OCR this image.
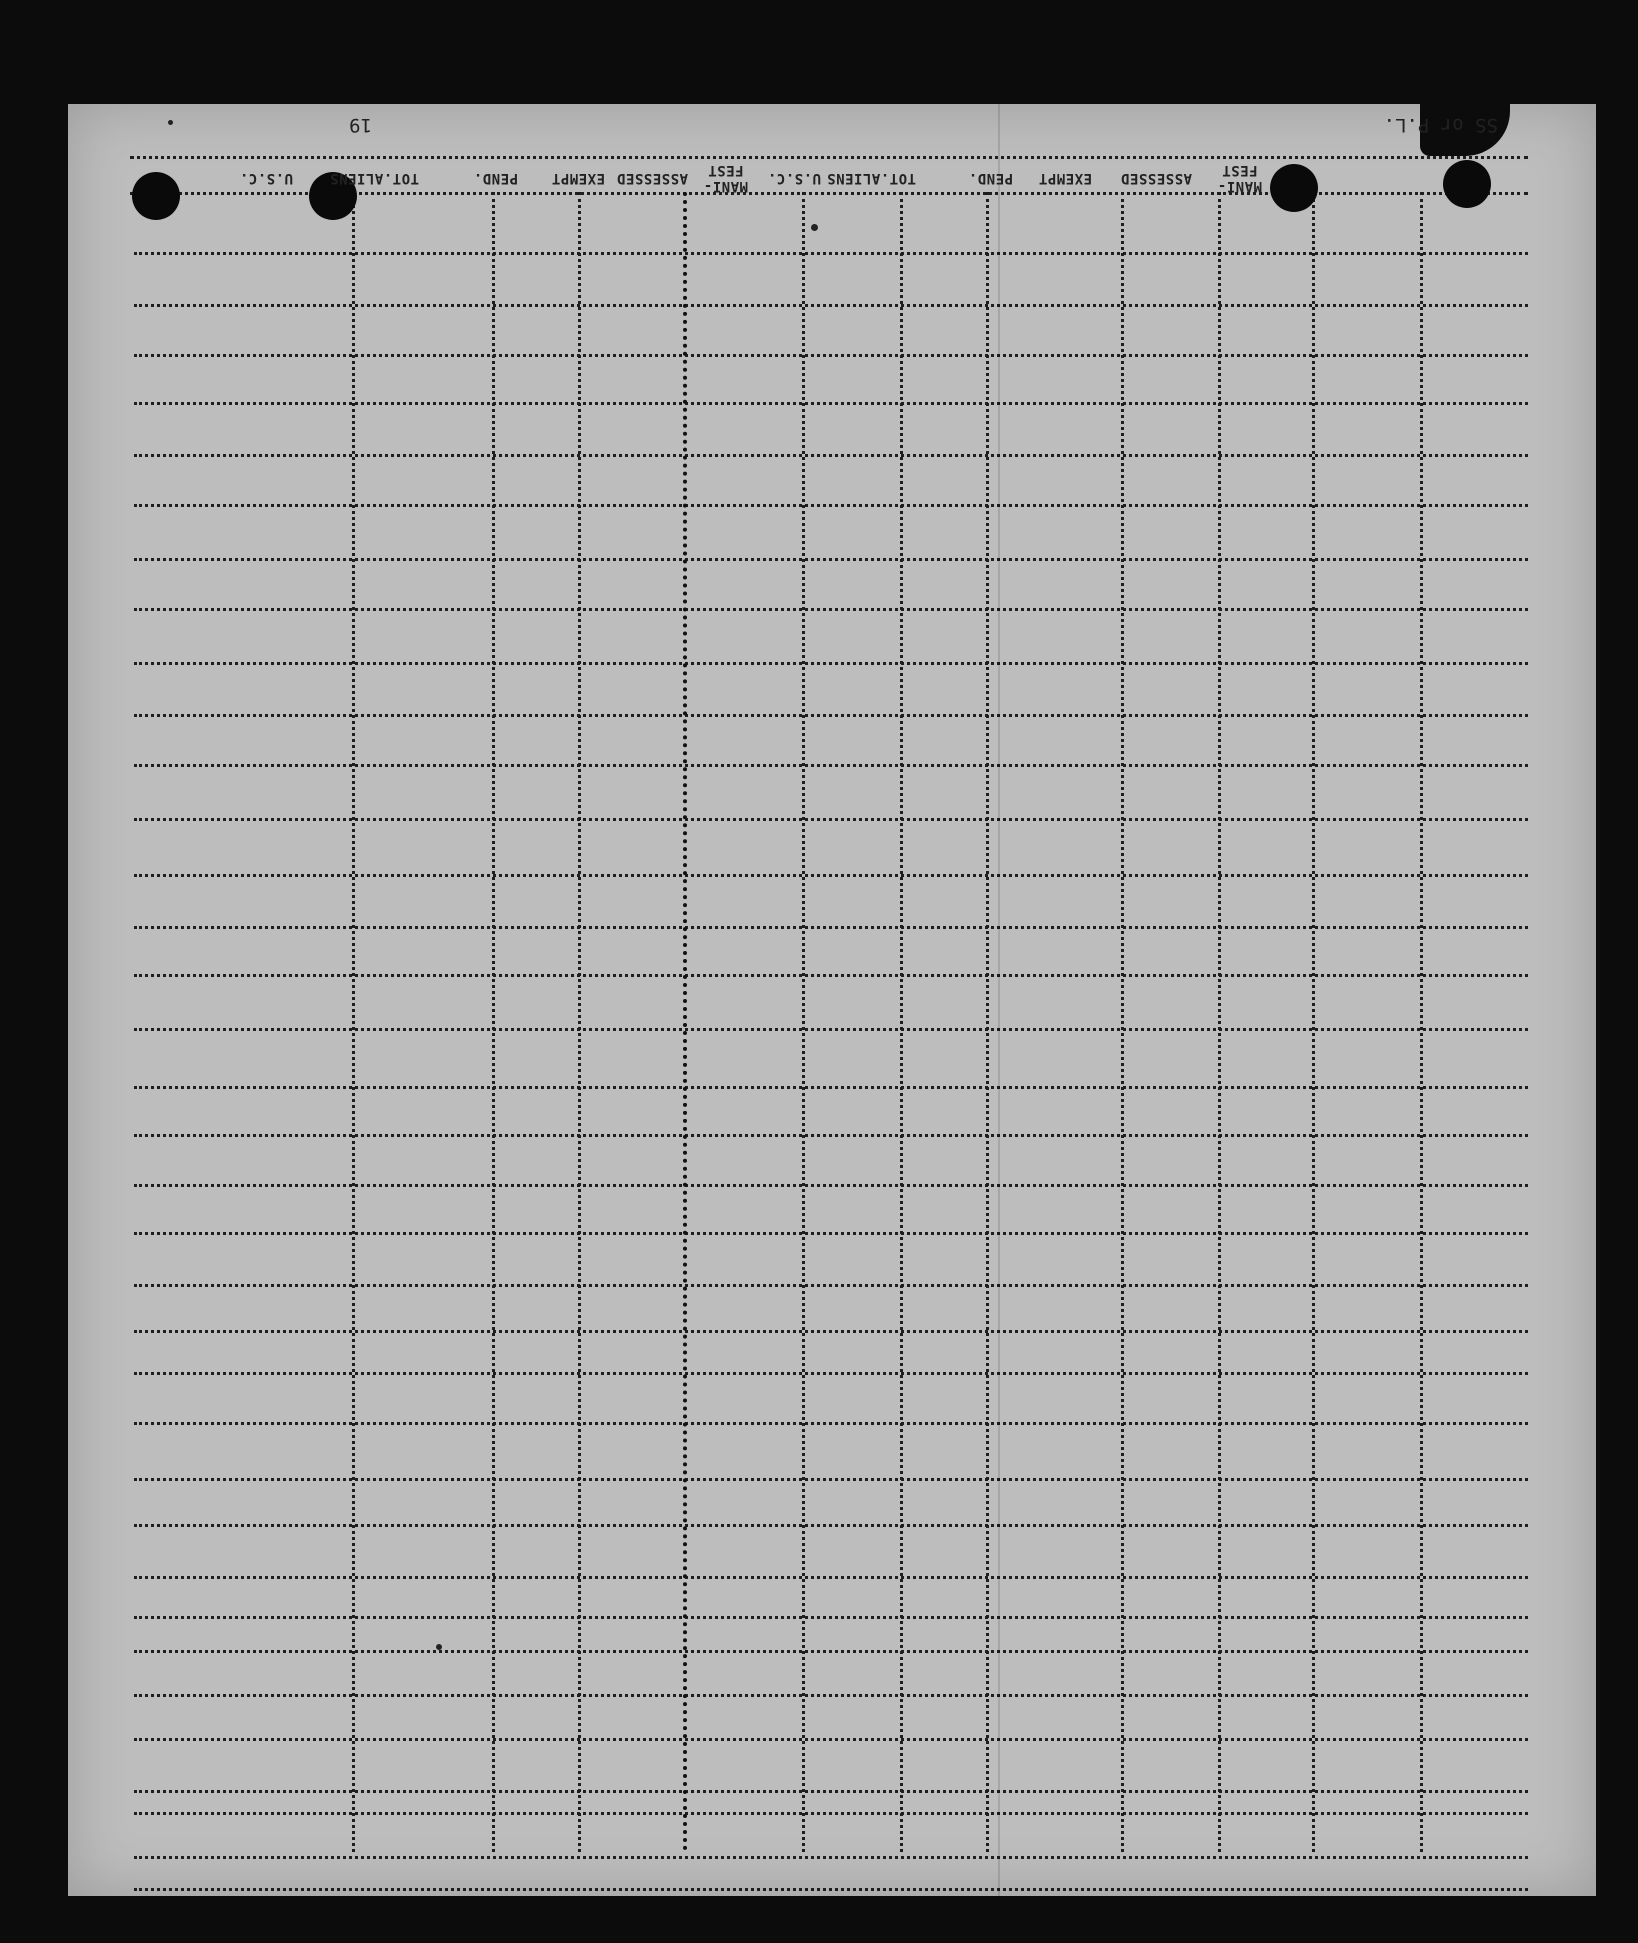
MANI-
FEST
ASSESSED
EXEMPT
PEND.
TOT.ALIENS
U.S.C.
MANI-
FEST
ASSESSED
EXEMPT
PEND.
TOT.ALIENS
U.S.C.
SS or P.L.
19
